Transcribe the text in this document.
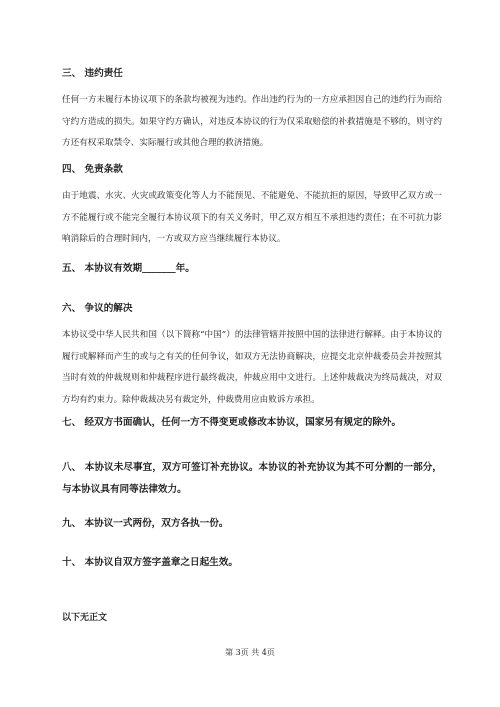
三、 违约责任
任何一方未履行本协议项下的条款均被视为违约。作出违约行为的一方应承担因自己的违约行为而给守约方造成的损失。如果守约方确认，对违反本协议的行为仅采取赔偿的补救措施是不够的，则守约方还有权采取禁令、实际履行或其他合理的救济措施。
四、 免责条款
由于地震、水灾、火灾或政策变化等人力不能预见、不能避免、不能抗拒的原因，导致甲乙双方或一方不能履行或不能完全履行本协议项下的有关义务时，甲乙双方相互不承担违约责任；在不可抗力影响消除后的合理时间内，一方或双方应当继续履行本协议。
五、 本协议有效期_______年。
六、 争议的解决
本协议受中华人民共和国（以下简称“中国”）的法律管辖并按照中国的法律进行解释。由于本协议的履行或解释而产生的或与之有关的任何争议，如双方无法协商解决，应提交北京仲裁委员会并按照其当时有效的仲裁规则和仲裁程序进行最终裁决，仲裁应用中文进行。上述仲裁裁决为终局裁决，对双方均有约束力。除仲裁裁决另有裁定外，仲裁费用应由败诉方承担。
七、 经双方书面确认，任何一方不得变更或修改本协议，国家另有规定的除外。
八、 本协议未尽事宜，双方可签订补充协议。本协议的补充协议为其不可分割的一部分，与本协议具有同等法律效力。
九、 本协议一式两份，双方各执一份。
十、 本协议自双方签字盖章之日起生效。
以下无正文
第 3页 共 4页
